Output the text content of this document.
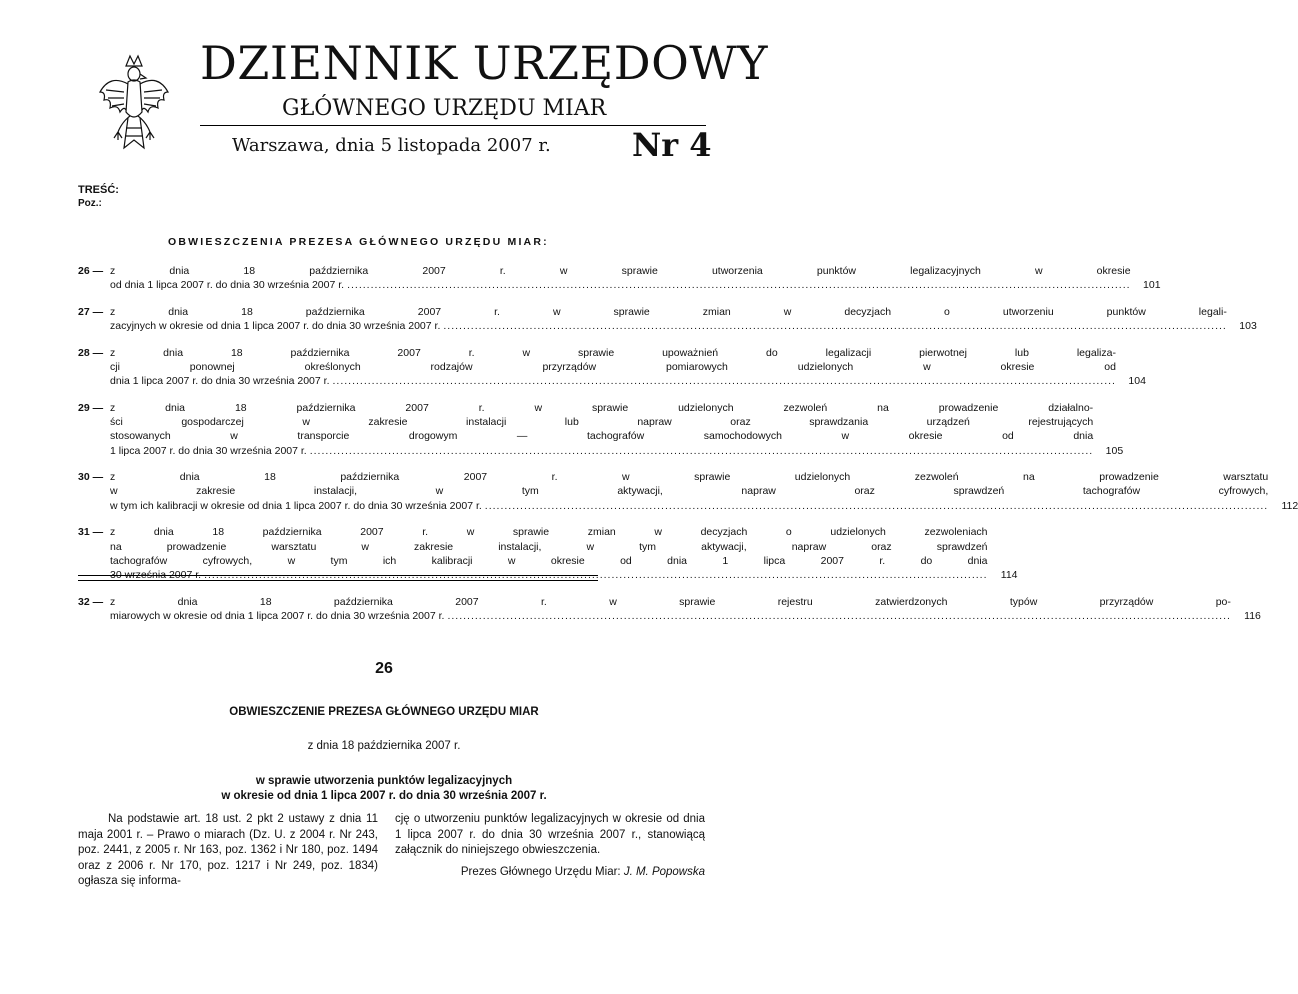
DZIENNIK URZĘDOWY
GŁÓWNEGO URZĘDU MIAR
Warszawa, dnia 5 listopada 2007 r.	Nr 4
TREŚĆ:
Poz.:
OBWIESZCZENIA PREZESA GŁÓWNEGO URZĘDU MIAR:
26 — z dnia 18 października 2007 r. w sprawie utworzenia punktów legalizacyjnych w okresie
od dnia 1 lipca 2007 r. do dnia 30 września 2007 r. ........................................................................................................................................................................................................	101
27 — z dnia 18 października 2007 r. w sprawie zmian w decyzjach o utworzeniu punktów legali-
zacyjnych w okresie od dnia 1 lipca 2007 r. do dnia 30 września 2007 r. ........................................................................................................................................................................................................	103
28 — z dnia 18 października 2007 r. w sprawie upoważnień do legalizacji pierwotnej lub legaliza-
cji ponownej określonych rodzajów przyrządów pomiarowych udzielonych w okresie od
dnia 1 lipca 2007 r. do dnia 30 września 2007 r. ........................................................................................................................................................................................................	104
29 — z dnia 18 października 2007 r. w sprawie udzielonych zezwoleń na prowadzenie działalno-
ści gospodarczej w zakresie instalacji lub napraw oraz sprawdzania urządzeń rejestrujących
stosowanych w transporcie drogowym — tachografów samochodowych w okresie od dnia
1 lipca 2007 r. do dnia 30 września 2007 r. ........................................................................................................................................................................................................	105
30 — z dnia 18 października 2007 r. w sprawie udzielonych zezwoleń na prowadzenie warsztatu
w zakresie instalacji, w tym aktywacji, napraw oraz sprawdzeń tachografów cyfrowych,
w tym ich kalibracji w okresie od dnia 1 lipca 2007 r. do dnia 30 września 2007 r. ........................................................................................................................................................................................................	112
31 — z dnia 18 października 2007 r. w sprawie zmian w decyzjach o udzielonych zezwoleniach
na prowadzenie warsztatu w zakresie instalacji, w tym aktywacji, napraw oraz sprawdzeń
tachografów cyfrowych, w tym ich kalibracji w okresie od dnia 1 lipca 2007 r. do dnia
30 września 2007 r. ........................................................................................................................................................................................................	114
32 — z dnia 18 października 2007 r. w sprawie rejestru zatwierdzonych typów przyrządów po-
miarowych w okresie od dnia 1 lipca 2007 r. do dnia 30 września 2007 r. ........................................................................................................................................................................................................	116
26
OBWIESZCZENIE PREZESA GŁÓWNEGO URZĘDU MIAR
z dnia 18 października 2007 r.
w sprawie utworzenia punktów legalizacyjnych
w okresie od dnia 1 lipca 2007 r. do dnia 30 września 2007 r.
Na podstawie art. 18 ust. 2 pkt 2 ustawy z dnia 11 maja 2001 r. – Prawo o miarach (Dz. U. z 2004 r. Nr 243, poz. 2441, z 2005 r. Nr 163, poz. 1362 i Nr 180, poz. 1494 oraz z 2006 r. Nr 170, poz. 1217 i Nr 249, poz. 1834) ogłasza się informa-
cję o utworzeniu punktów legalizacyjnych w okresie od dnia 1 lipca 2007 r. do dnia 30 września 2007 r., stanowiącą załącznik do niniejszego obwieszczenia.
Prezes Głównego Urzędu Miar: J. M. Popowska
